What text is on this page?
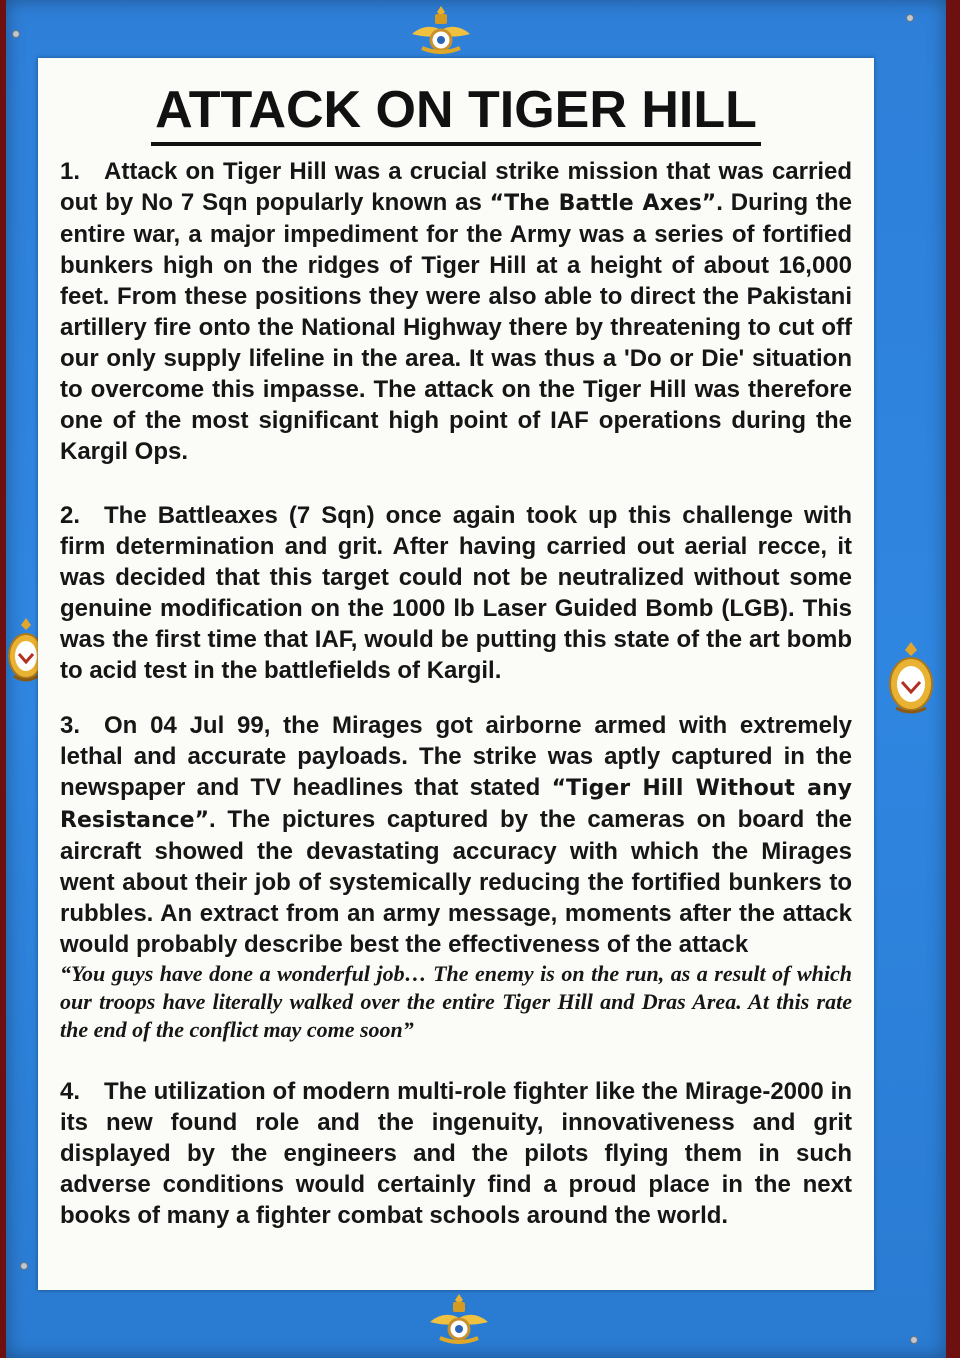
ATTACK ON TIGER HILL
1. Attack on Tiger Hill was a crucial strike mission that was carried out by No 7 Sqn popularly known as “The Battle Axes”. During the entire war, a major impediment for the Army was a series of fortified bunkers high on the ridges of Tiger Hill at a height of about 16,000 feet. From these positions they were also able to direct the Pakistani artillery fire onto the National Highway there by threatening to cut off our only supply lifeline in the area. It was thus a 'Do or Die' situation to overcome this impasse. The attack on the Tiger Hill was therefore one of the most significant high point of IAF operations during the Kargil Ops.
2. The Battleaxes (7 Sqn) once again took up this challenge with firm determination and grit. After having carried out aerial recce, it was decided that this target could not be neutralized without some genuine modification on the 1000 lb Laser Guided Bomb (LGB). This was the first time that IAF, would be putting this state of the art bomb to acid test in the battlefields of Kargil.
3. On 04 Jul 99, the Mirages got airborne armed with extremely lethal and accurate payloads. The strike was aptly captured in the newspaper and TV headlines that stated “Tiger Hill Without any Resistance”. The pictures captured by the cameras on board the aircraft showed the devastating accuracy with which the Mirages went about their job of systemically reducing the fortified bunkers to rubbles. An extract from an army message, moments after the attack would probably describe best the effectiveness of the attack
“You guys have done a wonderful job… The enemy is on the run, as a result of which our troops have literally walked over the entire Tiger Hill and Dras Area. At this rate the end of the conflict may come soon”
4. The utilization of modern multi-role fighter like the Mirage-2000 in its new found role and the ingenuity, innovativeness and grit displayed by the engineers and the pilots flying them in such adverse conditions would certainly find a proud place in the next books of many a fighter combat schools around the world.
